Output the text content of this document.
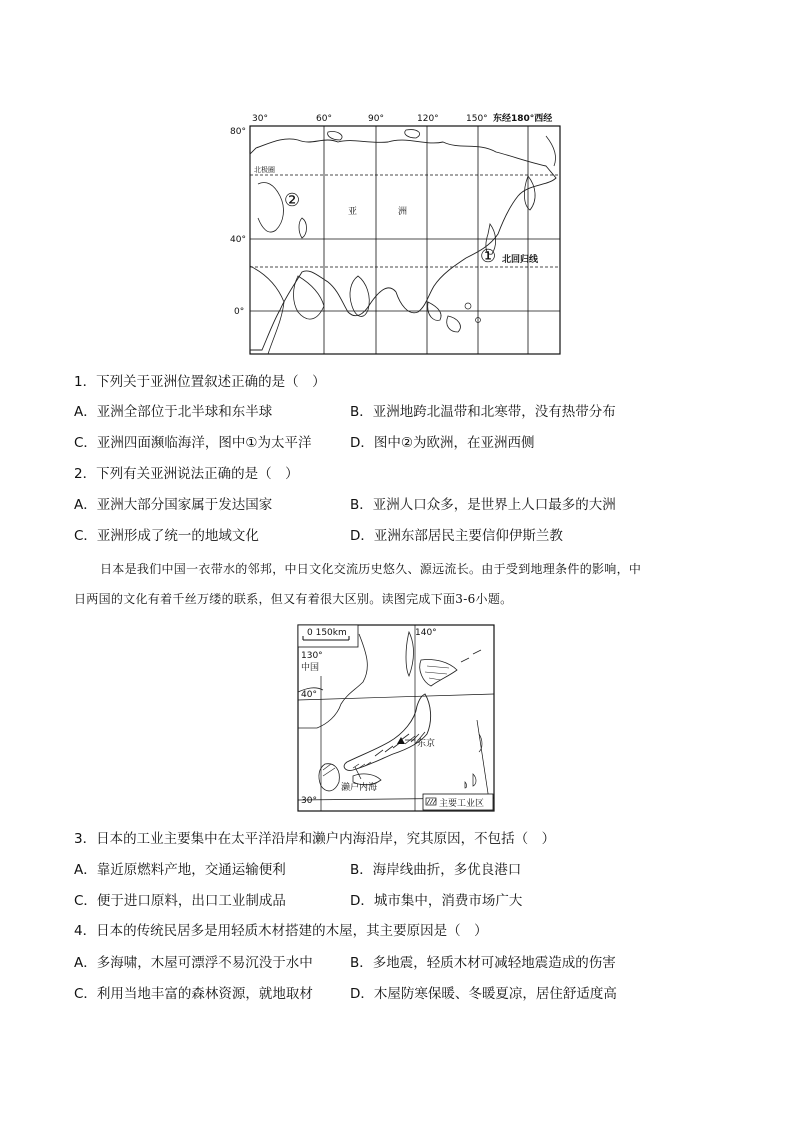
30°	60°	90°	120°	150° 东经180°西经
80°
40°
0°
北极圈
②
亚	洲
① 北回归线
1．下列关于亚洲位置叙述正确的是（　）
A．亚洲全部位于北半球和东半球	B．亚洲地跨北温带和北寒带，没有热带分布
C．亚洲四面濒临海洋，图中①为太平洋	D．图中②为欧洲，在亚洲西侧
2．下列有关亚洲说法正确的是（　）
A．亚洲大部分国家属于发达国家	B．亚洲人口众多，是世界上人口最多的大洲
C．亚洲形成了统一的地域文化	D．亚洲东部居民主要信仰伊斯兰教
日本是我们中国一衣带水的邻邦，中日文化交流历史悠久、源远流长。由于受到地理条件的影响，中
日两国的文化有着千丝万缕的联系，但又有着很大区别。读图完成下面3-6小题。
0 150km	140°
130°
中国
40°
30°
东京
濑户内海
主要工业区
3．日本的工业主要集中在太平洋沿岸和濑户内海沿岸，究其原因，不包括（　）
A．靠近原燃料产地，交通运输便利	B．海岸线曲折，多优良港口
C．便于进口原料，出口工业制成品	D．城市集中，消费市场广大
4．日本的传统民居多是用轻质木材搭建的木屋，其主要原因是（　）
A．多海啸，木屋可漂浮不易沉没于水中	B．多地震，轻质木材可减轻地震造成的伤害
C．利用当地丰富的森林资源，就地取材	D．木屋防寒保暖、冬暖夏凉，居住舒适度高
